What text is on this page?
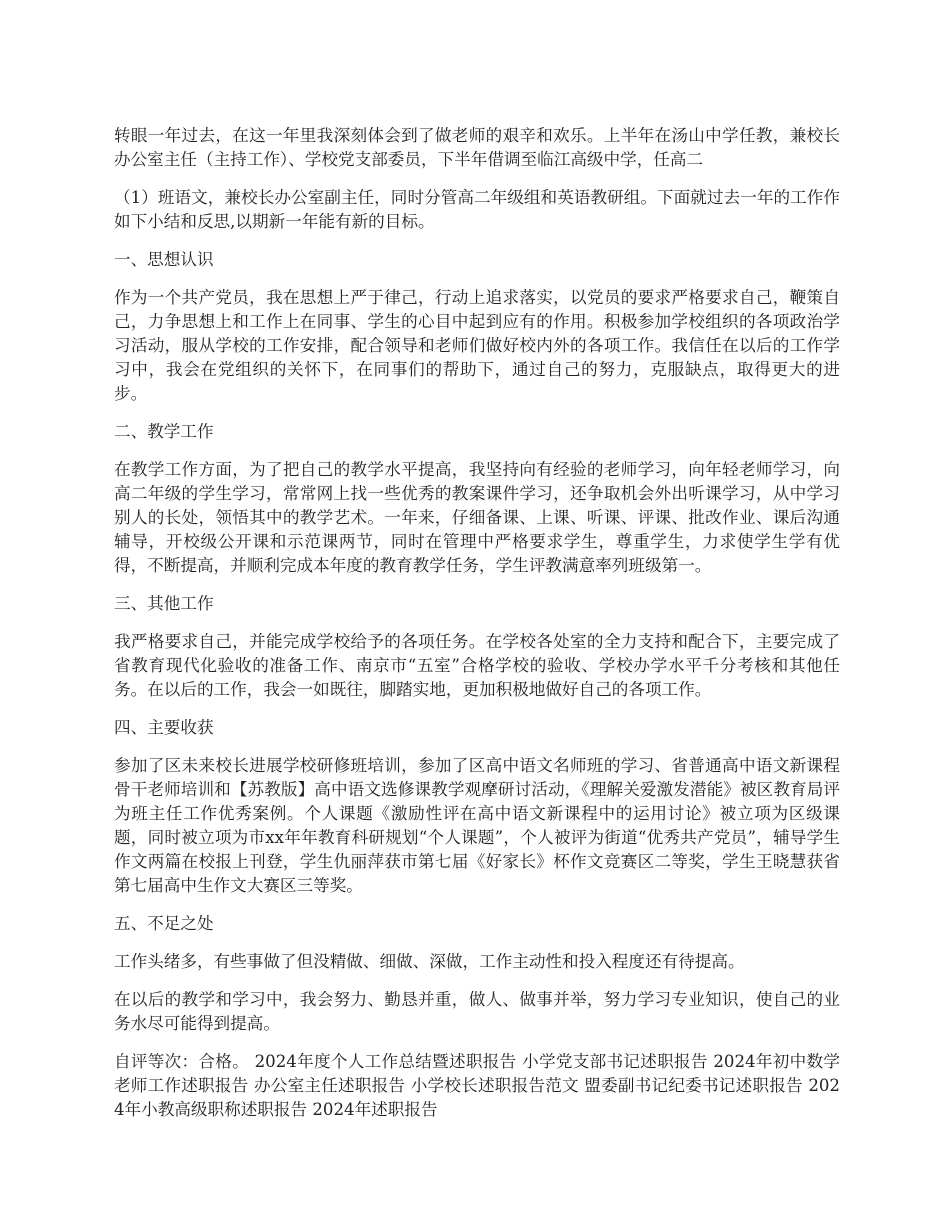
转眼一年过去，在这一年里我深刻体会到了做老师的艰辛和欢乐。上半年在汤山中学任教，兼校长办公室主任（主持工作）、学校党支部委员，下半年借调至临江高级中学，任高二

（1）班语文，兼校长办公室副主任，同时分管高二年级组和英语教研组。下面就过去一年的工作作如下小结和反思,以期新一年能有新的目标。

一、思想认识

作为一个共产党员，我在思想上严于律己，行动上追求落实，以党员的要求严格要求自己，鞭策自己，力争思想上和工作上在同事、学生的心目中起到应有的作用。积极参加学校组织的各项政治学习活动，服从学校的工作安排，配合领导和老师们做好校内外的各项工作。我信任在以后的工作学习中，我会在党组织的关怀下，在同事们的帮助下，通过自己的努力，克服缺点，取得更大的进步。

二、教学工作

在教学工作方面，为了把自己的教学水平提高，我坚持向有经验的老师学习，向年轻老师学习，向高二年级的学生学习，常常网上找一些优秀的教案课件学习，还争取机会外出听课学习，从中学习别人的长处，领悟其中的教学艺术。一年来，仔细备课、上课、听课、评课、批改作业、课后沟通辅导，开校级公开课和示范课两节，同时在管理中严格要求学生，尊重学生，力求使学生学有优得，不断提高，并顺利完成本年度的教育教学任务，学生评教满意率列班级第一。

三、其他工作

我严格要求自己，并能完成学校给予的各项任务。在学校各处室的全力支持和配合下，主要完成了省教育现代化验收的准备工作、南京市“五室”合格学校的验收、学校办学水平千分考核和其他任务。在以后的工作，我会一如既往，脚踏实地，更加积极地做好自己的各项工作。

四、主要收获

参加了区未来校长进展学校研修班培训，参加了区高中语文名师班的学习、省普通高中语文新课程骨干老师培训和【苏教版】高中语文选修课教学观摩研讨活动，《理解关爱激发潜能》被区教育局评为班主任工作优秀案例。个人课题《激励性评在高中语文新课程中的运用讨论》被立项为区级课题，同时被立项为市xx年年教育科研规划“个人课题”，个人被评为街道“优秀共产党员”，辅导学生作文两篇在校报上刊登，学生仇丽萍获市第七届《好家长》杯作文竞赛区二等奖，学生王晓慧获省第七届高中生作文大赛区三等奖。

五、不足之处

工作头绪多，有些事做了但没精做、细做、深做，工作主动性和投入程度还有待提高。

在以后的教学和学习中，我会努力、勤恳并重，做人、做事并举，努力学习专业知识，使自己的业务水尽可能得到提高。

自评等次：合格。 2024年度个人工作总结暨述职报告 小学党支部书记述职报告 2024年初中数学老师工作述职报告 办公室主任述职报告 小学校长述职报告范文 盟委副书记纪委书记述职报告 2024年小教高级职称述职报告 2024年述职报告
